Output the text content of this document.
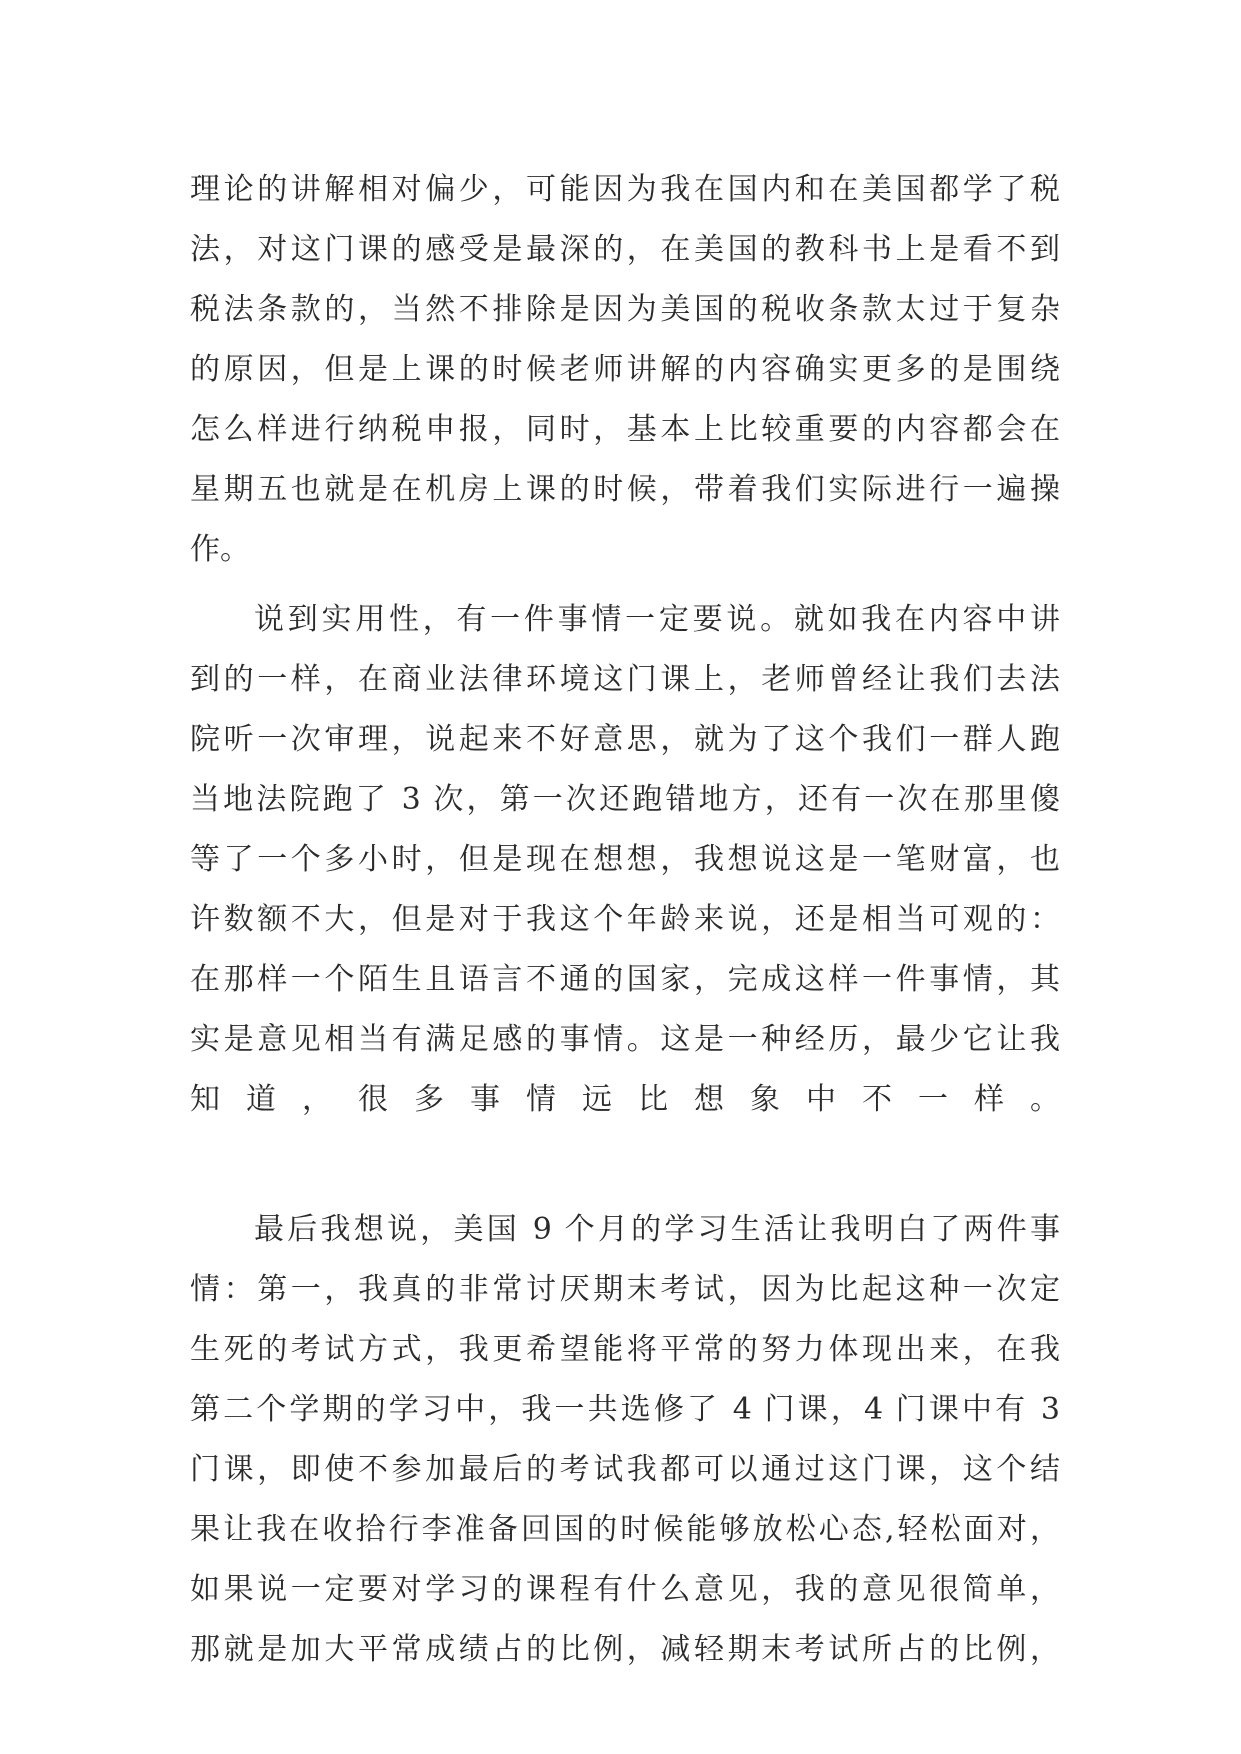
理论的讲解相对偏少，可能因为我在国内和在美国都学了税
法，对这门课的感受是最深的，在美国的教科书上是看不到
税法条款的，当然不排除是因为美国的税收条款太过于复杂
的原因，但是上课的时候老师讲解的内容确实更多的是围绕
怎么样进行纳税申报，同时，基本上比较重要的内容都会在
星期五也就是在机房上课的时候，带着我们实际进行一遍操
作。
说到实用性，有一件事情一定要说。就如我在内容中讲
到的一样，在商业法律环境这门课上，老师曾经让我们去法
院听一次审理，说起来不好意思，就为了这个我们一群人跑
当地法院跑了 3 次，第一次还跑错地方，还有一次在那里傻
等了一个多小时，但是现在想想，我想说这是一笔财富，也
许数额不大，但是对于我这个年龄来说，还是相当可观的：
在那样一个陌生且语言不通的国家，完成这样一件事情，其
实是意见相当有满足感的事情。这是一种经历，最少它让我
知道，很多事情远比想象中不一样。
最后我想说，美国 9 个月的学习生活让我明白了两件事
情：第一，我真的非常讨厌期末考试，因为比起这种一次定
生死的考试方式，我更希望能将平常的努力体现出来，在我
第二个学期的学习中，我一共选修了 4 门课，4 门课中有 3
门课，即使不参加最后的考试我都可以通过这门课，这个结
果让我在收拾行李准备回国的时候能够放松心态,轻松面对，
如果说一定要对学习的课程有什么意见，我的意见很简单，
那就是加大平常成绩占的比例，减轻期末考试所占的比例，
